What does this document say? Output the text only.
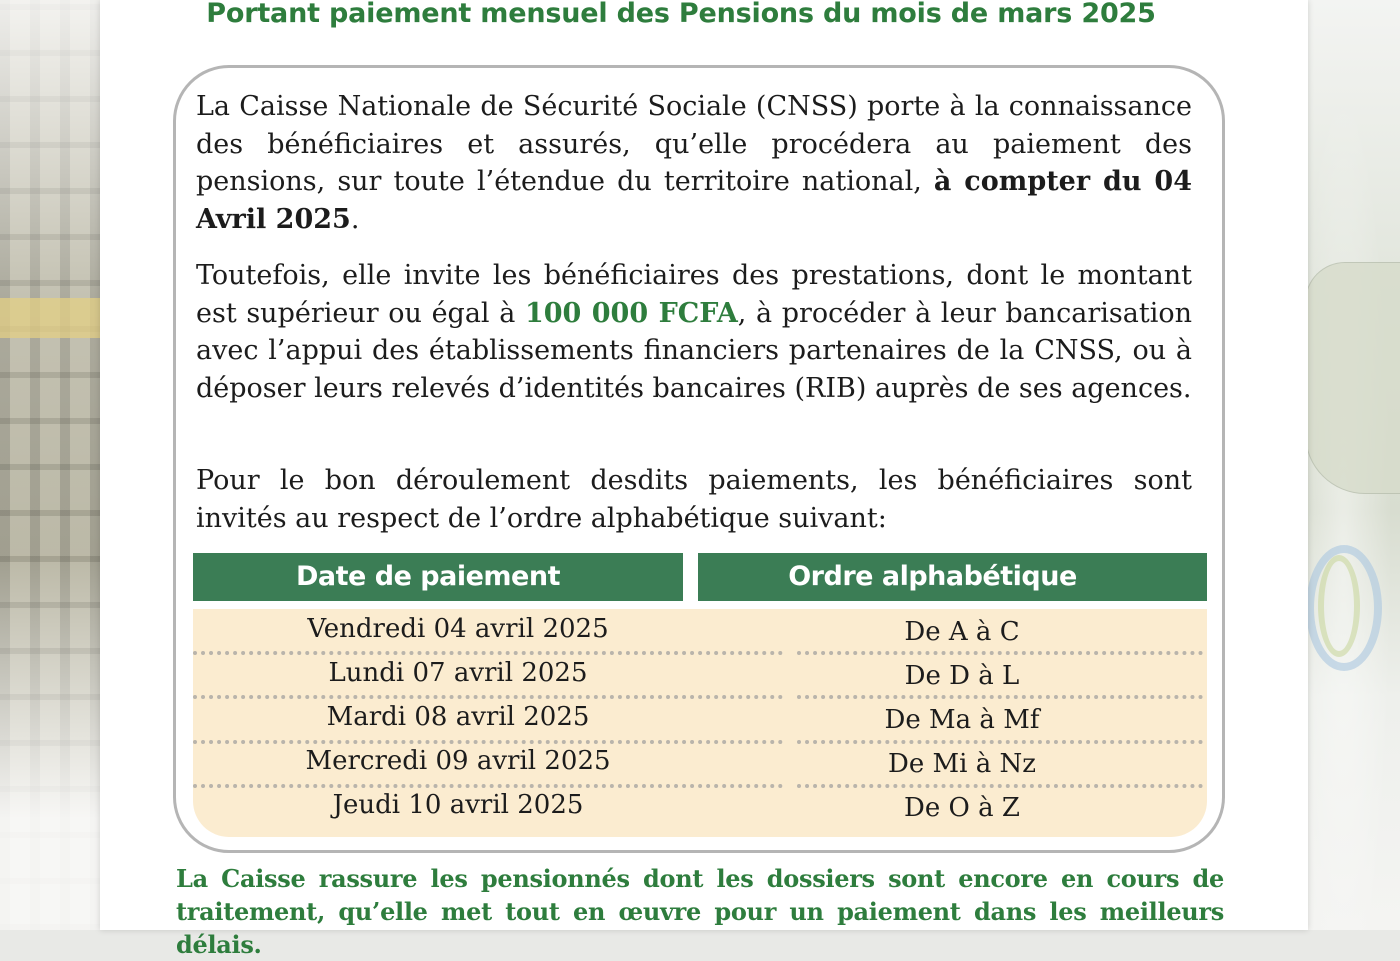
Portant paiement mensuel des Pensions du mois de mars 2025
La Caisse Nationale de Sécurité Sociale (CNSS) porte à la connaissance des bénéficiaires et assurés, qu’elle procédera au paiement des pensions, sur toute l’étendue du territoire national, à compter du 04 Avril 2025.
Toutefois, elle invite les bénéficiaires des prestations, dont le montant est supérieur ou égal à 100 000 FCFA, à procéder à leur bancarisation avec l’appui des établissements financiers partenaires de la CNSS, ou à déposer leurs relevés d’identités bancaires (RIB) auprès de ses agences.
Pour le bon déroulement desdits paiements, les bénéficiaires sont invités au respect de l’ordre alphabétique suivant:
Date de paiement	Ordre alphabétique
Vendredi 04 avril 2025	De A à C
Lundi 07 avril 2025	De D à L
Mardi 08 avril 2025	De Ma à Mf
Mercredi 09 avril 2025	De Mi à Nz
Jeudi 10 avril 2025	De O à Z
La Caisse rassure les pensionnés dont les dossiers sont encore en cours de traitement, qu’elle met tout en œuvre pour un paiement dans les meilleurs délais.
